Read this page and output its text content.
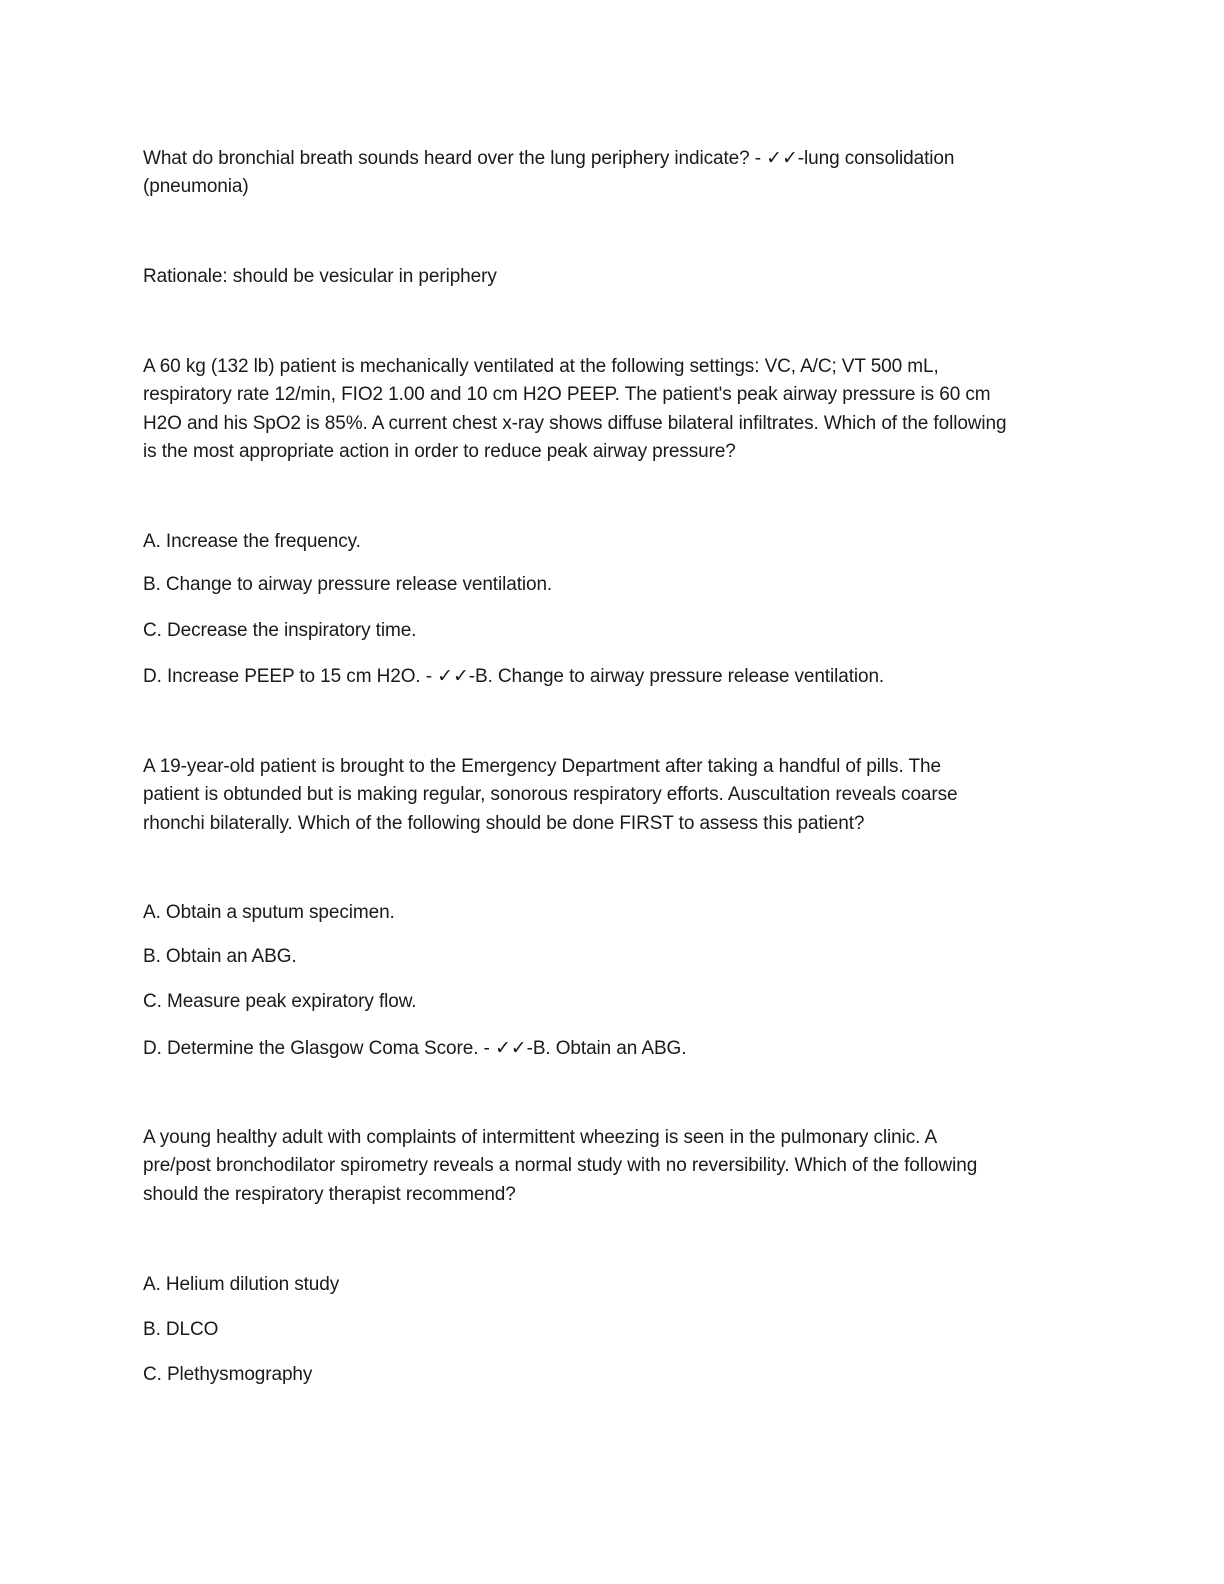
What do bronchial breath sounds heard over the lung periphery indicate? - ✓✓-lung consolidation
(pneumonia)
Rationale: should be vesicular in periphery
A 60 kg (132 lb) patient is mechanically ventilated at the following settings: VC, A/C; VT 500 mL,
respiratory rate 12/min, FIO2 1.00 and 10 cm H2O PEEP. The patient's peak airway pressure is 60 cm
H2O and his SpO2 is 85%. A current chest x-ray shows diffuse bilateral infiltrates. Which of the following
is the most appropriate action in order to reduce peak airway pressure?
A. Increase the frequency.
B. Change to airway pressure release ventilation.
C. Decrease the inspiratory time.
D. Increase PEEP to 15 cm H2O. - ✓✓-B. Change to airway pressure release ventilation.
A 19-year-old patient is brought to the Emergency Department after taking a handful of pills. The
patient is obtunded but is making regular, sonorous respiratory efforts. Auscultation reveals coarse
rhonchi bilaterally. Which of the following should be done FIRST to assess this patient?
A. Obtain a sputum specimen.
B. Obtain an ABG.
C. Measure peak expiratory flow.
D. Determine the Glasgow Coma Score. - ✓✓-B. Obtain an ABG.
A young healthy adult with complaints of intermittent wheezing is seen in the pulmonary clinic. A
pre/post bronchodilator spirometry reveals a normal study with no reversibility. Which of the following
should the respiratory therapist recommend?
A. Helium dilution study
B. DLCO
C. Plethysmography
